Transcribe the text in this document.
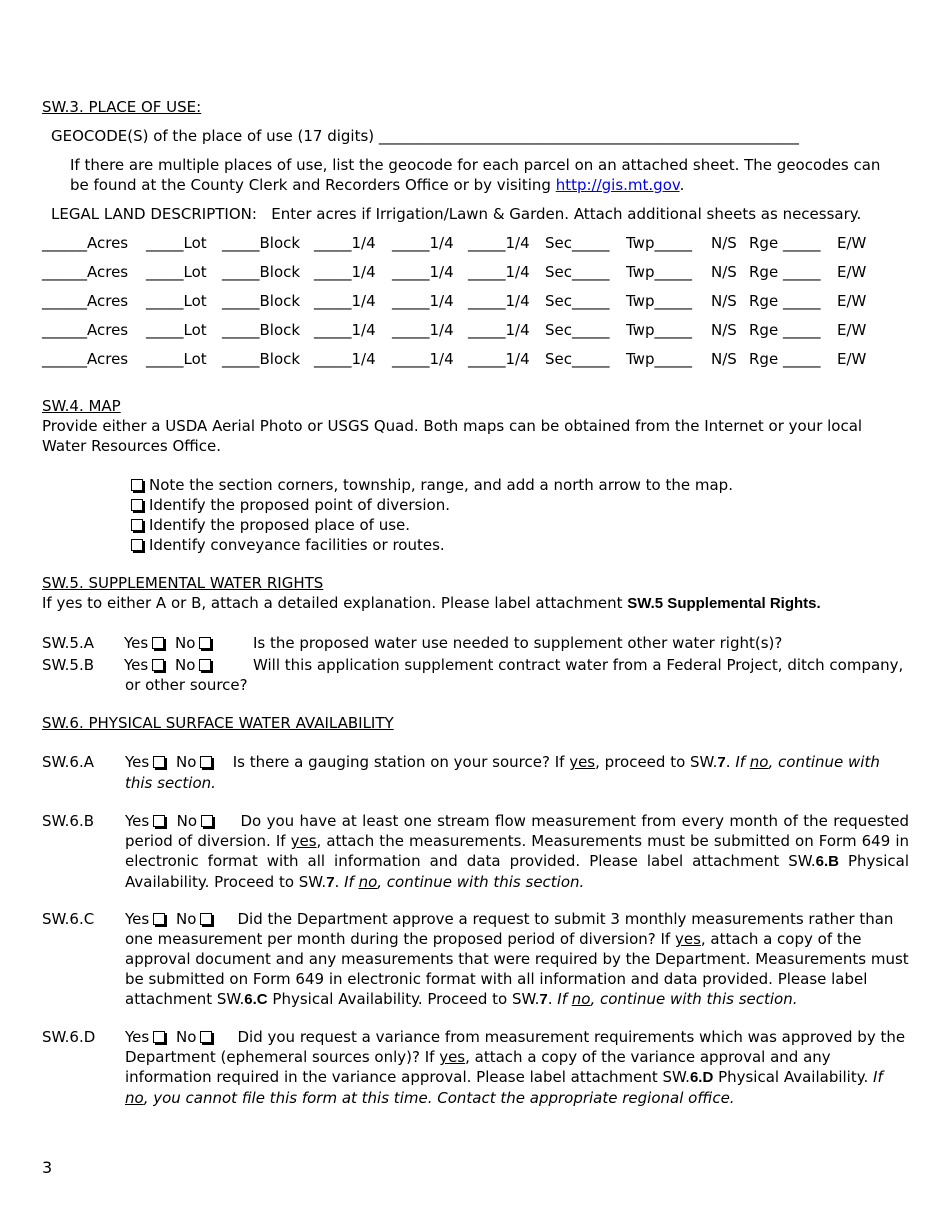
SW.3. PLACE OF USE:
GEOCODE(S) of the place of use (17 digits) ________________________________________________________
If there are multiple places of use, list the geocode for each parcel on an attached sheet. The geocodes can be found at the County Clerk and Recorders Office or by visiting http://gis.mt.gov.
LEGAL LAND DESCRIPTION: Enter acres if Irrigation/Lawn & Garden. Attach additional sheets as necessary.
______Acres _____Lot _____Block _____1/4 _____1/4 _____1/4 Sec_____ Twp_____ N/S Rge _____ E/W
______Acres _____Lot _____Block _____1/4 _____1/4 _____1/4 Sec_____ Twp_____ N/S Rge _____ E/W
______Acres _____Lot _____Block _____1/4 _____1/4 _____1/4 Sec_____ Twp_____ N/S Rge _____ E/W
______Acres _____Lot _____Block _____1/4 _____1/4 _____1/4 Sec_____ Twp_____ N/S Rge _____ E/W
______Acres _____Lot _____Block _____1/4 _____1/4 _____1/4 Sec_____ Twp_____ N/S Rge _____ E/W
SW.4. MAP
Provide either a USDA Aerial Photo or USGS Quad. Both maps can be obtained from the Internet or your local
Water Resources Office.
Note the section corners, township, range, and add a north arrow to the map.
Identify the proposed point of diversion.
Identify the proposed place of use.
Identify conveyance facilities or routes.
SW.5. SUPPLEMENTAL WATER RIGHTS
If yes to either A or B, attach a detailed explanation. Please label attachment SW.5 Supplemental Rights.
SW.5.A Yes No	Is the proposed water use needed to supplement other water right(s)?
SW.5.B Yes No	Will this application supplement contract water from a Federal Project, ditch company,
or other source?
SW.6. PHYSICAL SURFACE WATER AVAILABILITY
SW.6.A Yes No Is there a gauging station on your source? If yes, proceed to SW.7. If no, continue with this section.
SW.6.B Yes No	Do you have at least one stream flow measurement from every month of the requested period of diversion. If yes, attach the measurements. Measurements must be submitted on Form 649 in electronic format with all information and data provided. Please label attachment SW.6.B Physical Availability. Proceed to SW.7. If no, continue with this section.
SW.6.C Yes No	Did the Department approve a request to submit 3 monthly measurements rather than one measurement per month during the proposed period of diversion? If yes, attach a copy of the approval document and any measurements that were required by the Department. Measurements must be submitted on Form 649 in electronic format with all information and data provided. Please label attachment SW.6.C Physical Availability. Proceed to SW.7. If no, continue with this section.
SW.6.D Yes No	Did you request a variance from measurement requirements which was approved by the Department (ephemeral sources only)? If yes, attach a copy of the variance approval and any information required in the variance approval. Please label attachment SW.6.D Physical Availability. If no, you cannot file this form at this time. Contact the appropriate regional office.
3
